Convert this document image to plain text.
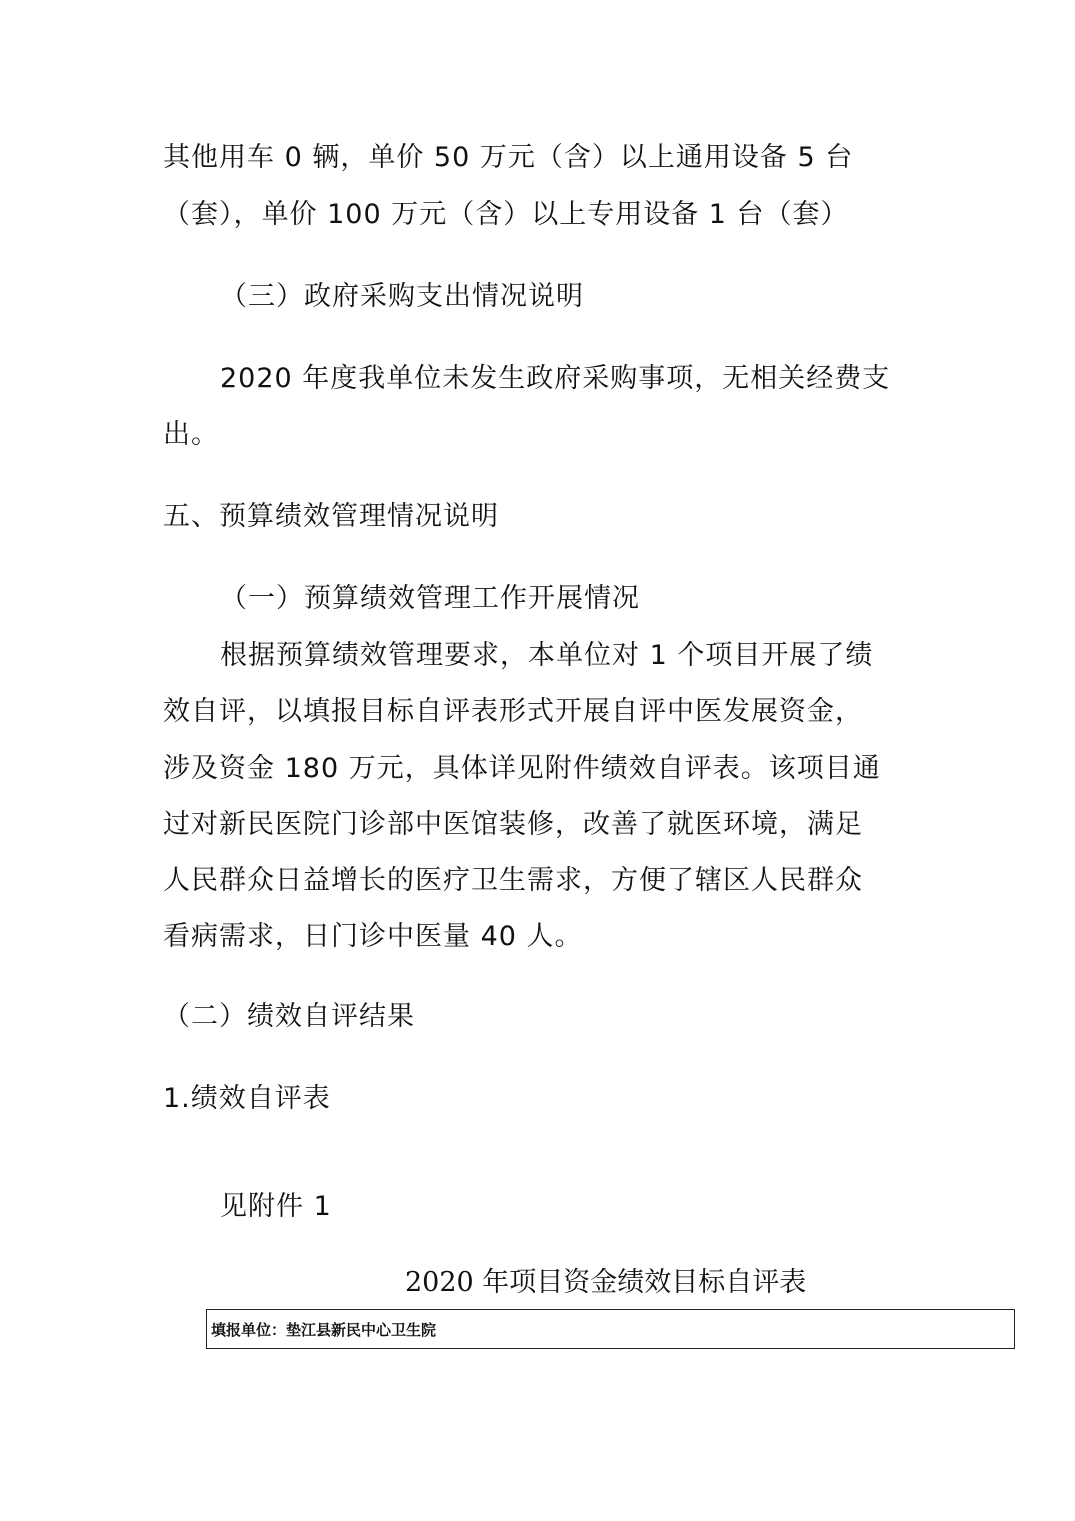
其他用车 0 辆，单价 50 万元（含）以上通用设备 5 台
（套），单价 100 万元（含）以上专用设备 1 台（套）
（三）政府采购支出情况说明
2020 年度我单位未发生政府采购事项，无相关经费支
出。
五、预算绩效管理情况说明
（一）预算绩效管理工作开展情况
根据预算绩效管理要求，本单位对 1 个项目开展了绩
效自评，以填报目标自评表形式开展自评中医发展资金，
涉及资金 180 万元，具体详见附件绩效自评表。该项目通
过对新民医院门诊部中医馆装修，改善了就医环境，满足
人民群众日益增长的医疗卫生需求，方便了辖区人民群众
看病需求，日门诊中医量 40 人。
（二）绩效自评结果
1.绩效自评表
见附件 1
2020 年项目资金绩效目标自评表
填报单位：垫江县新民中心卫生院
